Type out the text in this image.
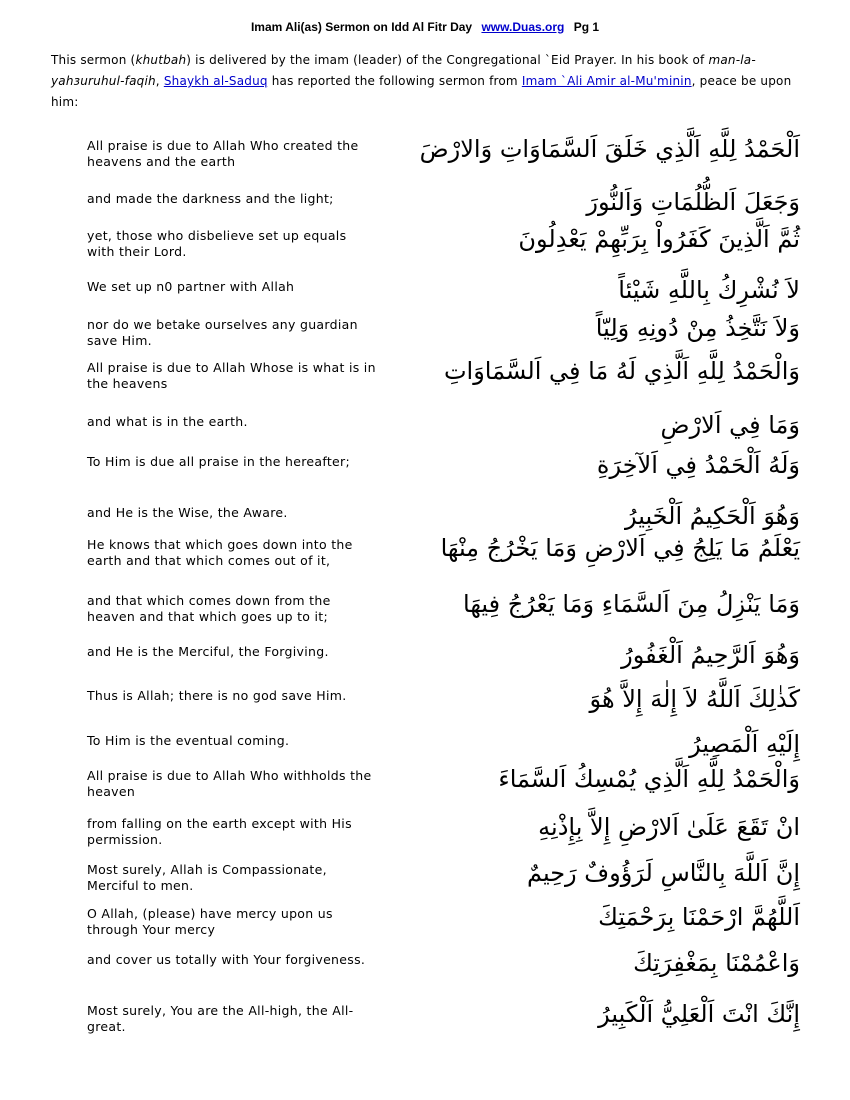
Imam Ali(as) Sermon on Idd Al Fitr Day www.Duas.org Pg 1
This sermon (khutbah) is delivered by the imam (leader) of the Congregational `Eid Prayer. In his book of man-la-yahзuruhul-faqih, Shaykh al-Saduq has reported the following sermon from Imam `Ali Amir al-Mu'minin, peace be upon him:
All praise is due to Allah Who created the heavens and the earth	اَلْحَمْدُ لِلَّهِ اَلَّذِي خَلَقَ اَلسَّمَاوَاتِ وَالارْضَ
and made the darkness and the light;	وَجَعَلَ اَلظُّلُمَاتِ وَاَلنُّورَ
yet, those who disbelieve set up equals with their Lord.	ثُمَّ اَلَّذِينَ كَفَرُواْ بِرَبِّهِمْ يَعْدِلُونَ
We set up n0 partner with Allah	لاَ نُشْرِكُ بِاللَّهِ شَيْئاً
nor do we betake ourselves any guardian save Him.	وَلاَ نَتَّخِذُ مِنْ دُونِهِ وَلِيّاً
All praise is due to Allah Whose is what is in the heavens	وَالْحَمْدُ لِلَّهِ اَلَّذِي لَهُ مَا فِي اَلسَّمَاوَاتِ
and what is in the earth.	وَمَا فِي اَلارْضِ
To Him is due all praise in the hereafter;	وَلَهُ اَلْحَمْدُ فِي اَلآخِرَةِ
and He is the Wise, the Aware.	وَهُوَ اَلْحَكِيمُ اَلْخَبِيرُ
He knows that which goes down into the earth and that which comes out of it,	يَعْلَمُ مَا يَلِجُ فِي اَلارْضِ وَمَا يَخْرُجُ مِنْهَا
and that which comes down from the heaven and that which goes up to it;	وَمَا يَنْزِلُ مِنَ اَلسَّمَاءِ وَمَا يَعْرُجُ فِيهَا
and He is the Merciful, the Forgiving.	وَهُوَ اَلرَّحِيمُ اَلْغَفُورُ
Thus is Allah; there is no god save Him.	كَذٰلِكَ اَللَّهُ لاَ إِلٰهَ إِلاَّ هُوَ
To Him is the eventual coming.	إِلَيْهِ اَلْمَصِيرُ
All praise is due to Allah Who withholds the heaven	وَالْحَمْدُ لِلَّهِ اَلَّذِي يُمْسِكُ اَلسَّمَاءَ
from falling on the earth except with His permission.	انْ تَقَعَ عَلَىٰ اَلارْضِ إِلاَّ بِإِذْنِهِ
Most surely, Allah is Compassionate, Merciful to men.	إِنَّ اَللَّهَ بِالنَّاسِ لَرَؤُوفٌ رَحِيمٌ
O Allah, (please) have mercy upon us through Your mercy	اَللَّهُمَّ ارْحَمْنَا بِرَحْمَتِكَ
and cover us totally with Your forgiveness.	وَاعْمُمْنَا بِمَغْفِرَتِكَ
Most surely, You are the All-high, the All-great.	إِنَّكَ انْتَ اَلْعَلِيُّ اَلْكَبِيرُ
